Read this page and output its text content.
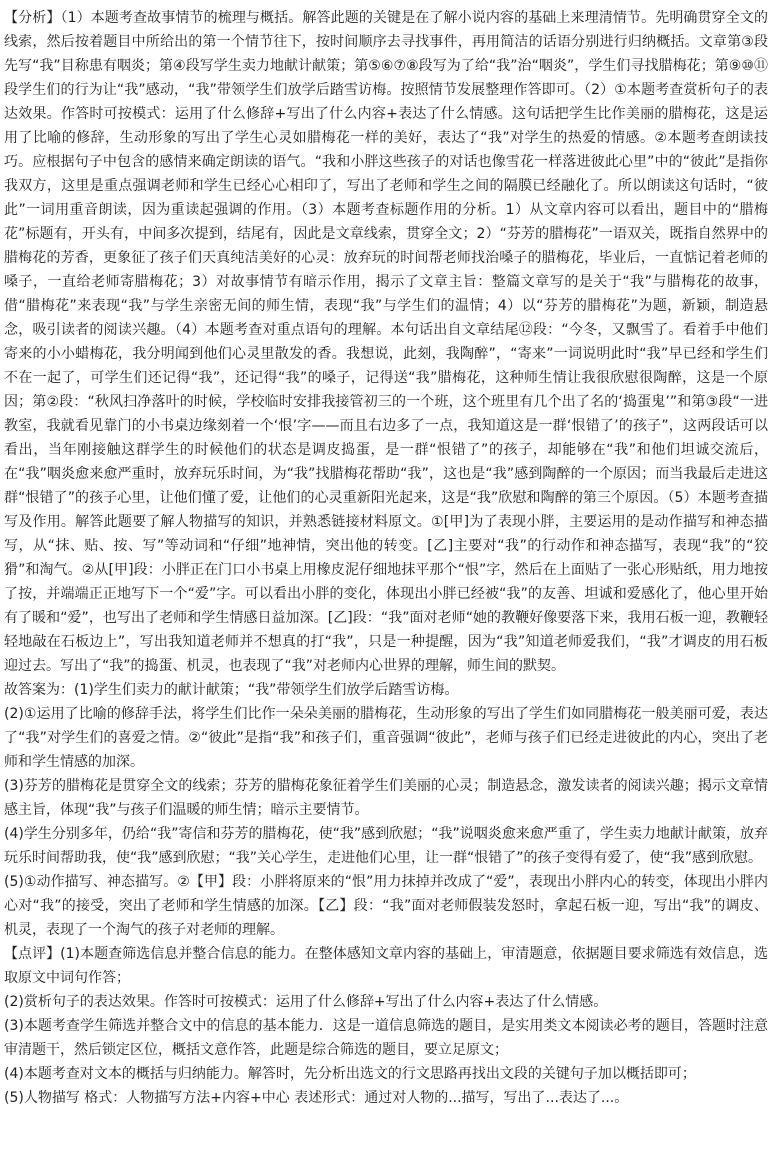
【分析】（1）本题考查故事情节的梳理与概括。解答此题的关键是在了解小说内容的基础上来理清情节。先明确贯穿全文的线索，然后按着题目中所给出的第一个情节往下，按时间顺序去寻找事件，再用简洁的话语分别进行归纳概括。文章第③段先写“我”目称患有咽炎；第④段写学生卖力地献计献策；第⑤⑥⑦⑧段写为了给“我”治“咽炎”，学生们寻找腊梅花；第⑨⑩⑪段学生们的行为让“我”感动，“我”带领学生们放学后踏雪访梅。按照情节发展整理作答即可。（2）①本题考查赏析句子的表达效果。作答时可按模式：运用了什么修辞+写出了什么内容+表达了什么情感。这句话把学生比作美丽的腊梅花，这是运用了比喻的修辞，生动形象的写出了学生心灵如腊梅花一样的美好，表达了“我”对学生的热爱的情感。②本题考查朗读技巧。应根据句子中包含的感情来确定朗读的语气。“我和小胖这些孩子的对话也像雪花一样落进彼此心里”中的“彼此”是指你我双方，这里是重点强调老师和学生已经心心相印了，写出了老师和学生之间的隔膜已经融化了。所以朗读这句话时，“彼此”一词用重音朗读，因为重读起强调的作用。（3）本题考查标题作用的分析。1）从文章内容可以看出，题目中的“腊梅花”标题有，开头有，中间多次提到，结尾有，因此是文章线索，贯穿全文；2）“芬芳的腊梅花”一语双关，既指自然界中的腊梅花的芳香，更象征了孩子们天真纯洁美好的心灵：放弃玩的时间帮老师找治嗓子的腊梅花，毕业后，一直惦记着老师的嗓子，一直给老师寄腊梅花；3）对故事情节有暗示作用，揭示了文章主旨：整篇文章写的是关于“我”与腊梅花的故事，借“腊梅花”来表现“我”与学生亲密无间的师生情，表现“我”与学生们的温情；4）以“芬芳的腊梅花”为题，新颖，制造悬念，吸引读者的阅读兴趣。（4）本题考查对重点语句的理解。本句话出自文章结尾⑫段：“今冬，又飘雪了。看着手中他们寄来的小小蜡梅花，我分明闻到他们心灵里散发的香。我想说，此刻，我陶醉”，“寄来”一词说明此时“我”早已经和学生们不在一起了，可学生们还记得“我”，还记得“我”的嗓子，记得送“我”腊梅花，这种师生情让我很欣慰很陶醉，这是一个原因；第②段：“秋风扫净落叶的时候，学校临时安排我接管初三的一个班，这个班里有几个出了名的‘捣蛋鬼’”和第③段“一进教室，我就看见靠门的小书桌边缘刻着一个‘恨’字——而且右边多了一点，我知道这是一群‘恨错了’的孩子”，这两段话可以看出，当年刚接触这群学生的时候他们的状态是调皮捣蛋，是一群“恨错了”的孩子，却能够在“我”和他们坦诚交流后，在“我”咽炎愈来愈严重时，放弃玩乐时间，为“我”找腊梅花帮助“我”，这也是“我”感到陶醉的一个原因；而当我最后走进这群“恨错了”的孩子心里，让他们懂了爱，让他们的心灵重新阳光起来，这是“我”欣慰和陶醉的第三个原因。（5）本题考查描写及作用。解答此题要了解人物描写的知识，并熟悉链接材料原文。①[甲]为了表现小胖，主要运用的是动作描写和神态描写，从“抹、贴、按、写”等动词和“仔细”地神情，突出他的转变。[乙]主要对“我”的行动作和神态描写，表现“我”的“狡猾”和淘气。②从[甲]段：小胖正在门口小书桌上用橡皮泥仔细地抹平那个“恨”字，然后在上面贴了一张心形贴纸，用力地按了按，并端端正正地写下一个“爱”字。可以看出小胖的变化，体现出小胖已经被“我”的友善、坦诚和爱感化了，他心里开始有了暖和“爱”，也写出了老师和学生情感日益加深。[乙]段：“我”面对老师“她的教鞭好像要落下来，我用石板一迎，教鞭轻轻地敲在石板边上”，写出我知道老师并不想真的打“我”，只是一种提醒，因为“我”知道老师爱我们，“我”才调皮的用石板迎过去。写出了“我”的捣蛋、机灵，也表现了“我”对老师内心世界的理解，师生间的默契。

故答案为：(1)学生们卖力的献计献策；“我”带领学生们放学后踏雪访梅。

(2)①运用了比喻的修辞手法，将学生们比作一朵朵美丽的腊梅花，生动形象的写出了学生们如同腊梅花一般美丽可爱，表达了“我”对学生们的喜爱之情。②“彼此”是指“我”和孩子们，重音强调“彼此”，老师与孩子们已经走进彼此的内心，突出了老师和学生情感的加深。

(3)芬芳的腊梅花是贯穿全文的线索；芬芳的腊梅花象征着学生们美丽的心灵；制造悬念，激发读者的阅读兴趣；揭示文章情感主旨，体现“我”与孩子们温暖的师生情；暗示主要情节。

(4)学生分别多年，仍给“我”寄信和芬芳的腊梅花，使“我”感到欣慰；“我”说咽炎愈来愈严重了，学生卖力地献计献策，放弃玩乐时间帮助我，使“我”感到欣慰；“我”关心学生，走进他们心里，让一群“恨错了”的孩子变得有爱了，使“我”感到欣慰。

(5)①动作描写、神态描写。②【甲】段：小胖将原来的“恨”用力抹掉并改成了“爱”，表现出小胖内心的转变，体现出小胖内心对“我”的接受，突出了老师和学生情感的加深。【乙】段：“我”面对老师假装发怒时，拿起石板一迎，写出“我”的调皮、机灵，表现了一个淘气的孩子对老师的理解。

【点评】(1)本题查筛选信息并整合信息的能力。在整体感知文章内容的基础上，审清题意，依据题目要求筛选有效信息，选取原文中词句作答；

(2)赏析句子的表达效果。作答时可按模式：运用了什么修辞+写出了什么内容+表达了什么情感。

(3)本题考查学生筛选并整合文中的信息的基本能力．这是一道信息筛选的题目，是实用类文本阅读必考的题目，答题时注意审清题干，然后锁定区位，概括文意作答，此题是综合筛选的题目，要立足原文；

(4)本题考查对文本的概括与归纳能力。解答时，先分析出选文的行文思路再找出文段的关键句子加以概括即可；

(5)人物描写 格式：人物描写方法+内容+中心 表述形式：通过对人物的...描写，写出了...表达了...。
